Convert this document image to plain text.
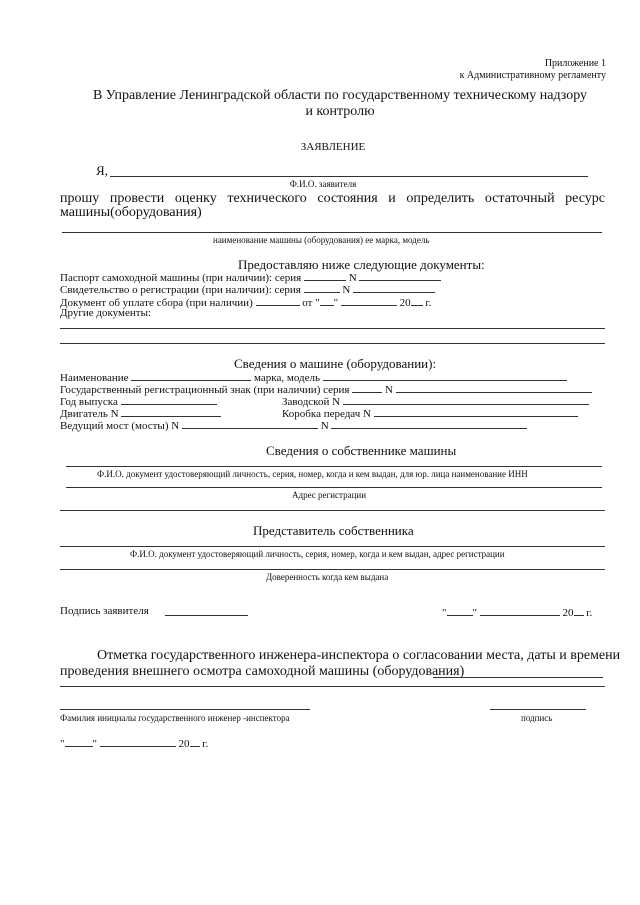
Приложение 1
к Административному регламенту
В Управление Ленинградской области по государственному техническому надзору
и контролю
ЗАЯВЛЕНИЕ
Я,
Ф.И.О. заявителя
прошу провести оценку технического состояния и определить остаточный ресурс
машины(оборудования)
наименование машины (оборудования) ее марка, модель
Предоставляю ниже следующие документы:
Паспорт самоходной машины (при наличии): серия	N
Свидетельство о регистрации (при наличии): серия	N
Документ об уплате сбора (при наличии)	от " "	20 г.
Другие документы:
Сведения о машине (оборудовании):
Наименование	марка, модель
Государственный регистрационный знак (при наличии) серия	N
Год выпуска	Заводской N
Двигатель N	Коробка передач N
Ведущий мост (мосты) N	N
Сведения о собственнике машины
Ф.И.О. документ удостоверяющий личность, серия, номер, когда и кем выдан, для юр. лица наименование ИНН
Адрес регистрации
Представитель собственника
Ф.И.О. документ удостоверяющий личность, серия, номер, когда и кем выдан, адрес регистрации
Доверенность когда кем выдана
Подпись заявителя	" "	20 г.
Отметка государственного инженера-инспектора о согласовании места, даты и времени
проведения внешнего осмотра самоходной машины (оборудования)
Фамилия инициалы государственного инженер -инспектора	подпись
"	"	20 г.
